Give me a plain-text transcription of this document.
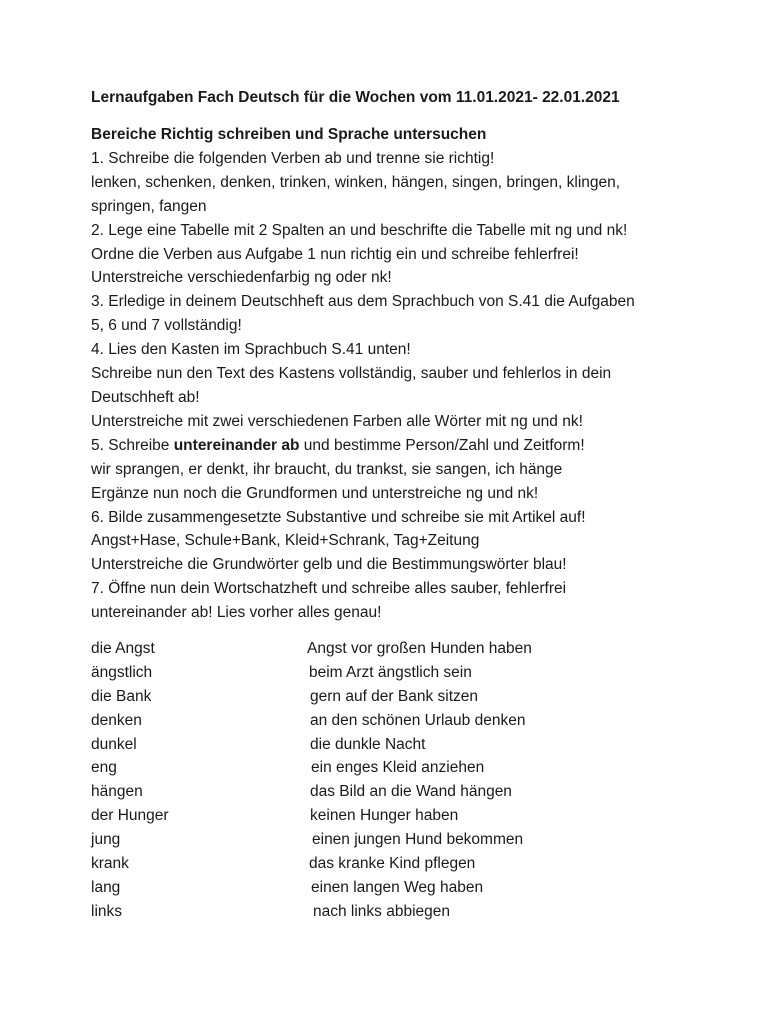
Lernaufgaben Fach Deutsch für die Wochen vom 11.01.2021- 22.01.2021
Bereiche Richtig schreiben und Sprache untersuchen
1. Schreibe die folgenden Verben ab und trenne sie richtig!
lenken, schenken, denken, trinken, winken, hängen, singen, bringen, klingen,
springen, fangen
2. Lege eine Tabelle mit 2 Spalten an und beschrifte die Tabelle mit ng und nk!
Ordne die Verben aus Aufgabe 1 nun richtig ein und schreibe fehlerfrei!
Unterstreiche verschiedenfarbig ng oder nk!
3. Erledige in deinem Deutschheft aus dem Sprachbuch von S.41 die Aufgaben
5, 6 und 7 vollständig!
4. Lies den Kasten im Sprachbuch S.41 unten!
Schreibe nun den Text des Kastens vollständig, sauber und fehlerlos in dein
Deutschheft ab!
Unterstreiche mit zwei verschiedenen Farben alle Wörter mit ng und nk!
5. Schreibe untereinander ab und bestimme Person/Zahl und Zeitform!
wir sprangen, er denkt, ihr braucht, du trankst, sie sangen, ich hänge
Ergänze nun noch die Grundformen und unterstreiche ng und nk!
6. Bilde zusammengesetzte Substantive und schreibe sie mit Artikel auf!
Angst+Hase, Schule+Bank, Kleid+Schrank, Tag+Zeitung
Unterstreiche die Grundwörter gelb und die Bestimmungswörter blau!
7. Öffne nun dein Wortschatzheft und schreibe alles sauber, fehlerfrei
untereinander ab! Lies vorher alles genau!
die Angst	Angst vor großen Hunden haben
ängstlich	beim Arzt ängstlich sein
die Bank	gern auf der Bank sitzen
denken	an den schönen Urlaub denken
dunkel	die dunkle Nacht
eng	ein enges Kleid anziehen
hängen	das Bild an die Wand hängen
der Hunger	keinen Hunger haben
jung	einen jungen Hund bekommen
krank	das kranke Kind pflegen
lang	einen langen Weg haben
links	nach links abbiegen
